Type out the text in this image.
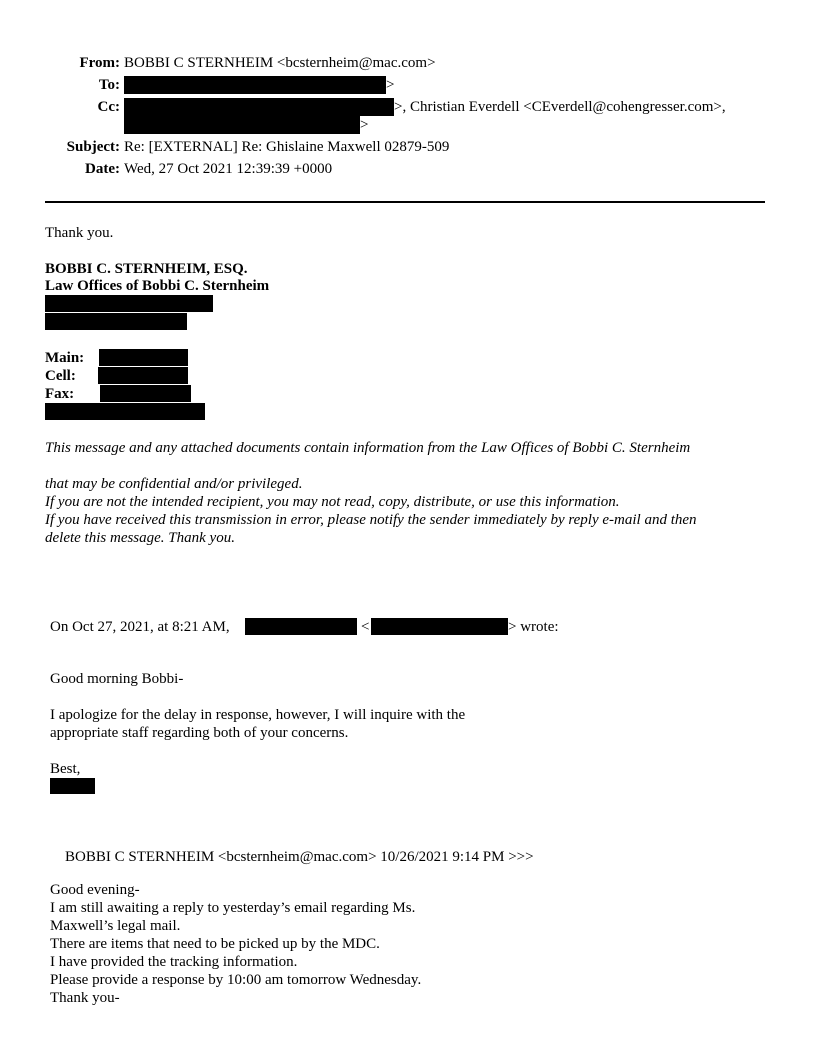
From: BOBBI C STERNHEIM <bcsternheim@mac.com>
To:	>
Cc:	>, Christian Everdell <CEverdell@cohengresser.com>,
>
Subject: Re: [EXTERNAL] Re: Ghislaine Maxwell 02879-509
Date: Wed, 27 Oct 2021 12:39:39 +0000
Thank you.
BOBBI C. STERNHEIM, ESQ.
Law Offices of Bobbi C. Sternheim
Main:
Cell:
Fax:
This message and any attached documents contain information from the Law Offices of Bobbi C. Sternheim
that may be confidential and/or privileged.
If you are not the intended recipient, you may not read, copy, distribute, or use this information.
If you have received this transmission in error, please notify the sender immediately by reply e-mail and then
delete this message. Thank you.
On Oct 27, 2021, at 8:21 AM,	<	> wrote:
Good morning Bobbi-
I apologize for the delay in response, however, I will inquire with the
appropriate staff regarding both of your concerns.
Best,
BOBBI C STERNHEIM <bcsternheim@mac.com> 10/26/2021 9:14 PM >>>
Good evening-
I am still awaiting a reply to yesterday’s email regarding Ms.
Maxwell’s legal mail.
There are items that need to be picked up by the MDC.
I have provided the tracking information.
Please provide a response by 10:00 am tomorrow Wednesday.
Thank you-
